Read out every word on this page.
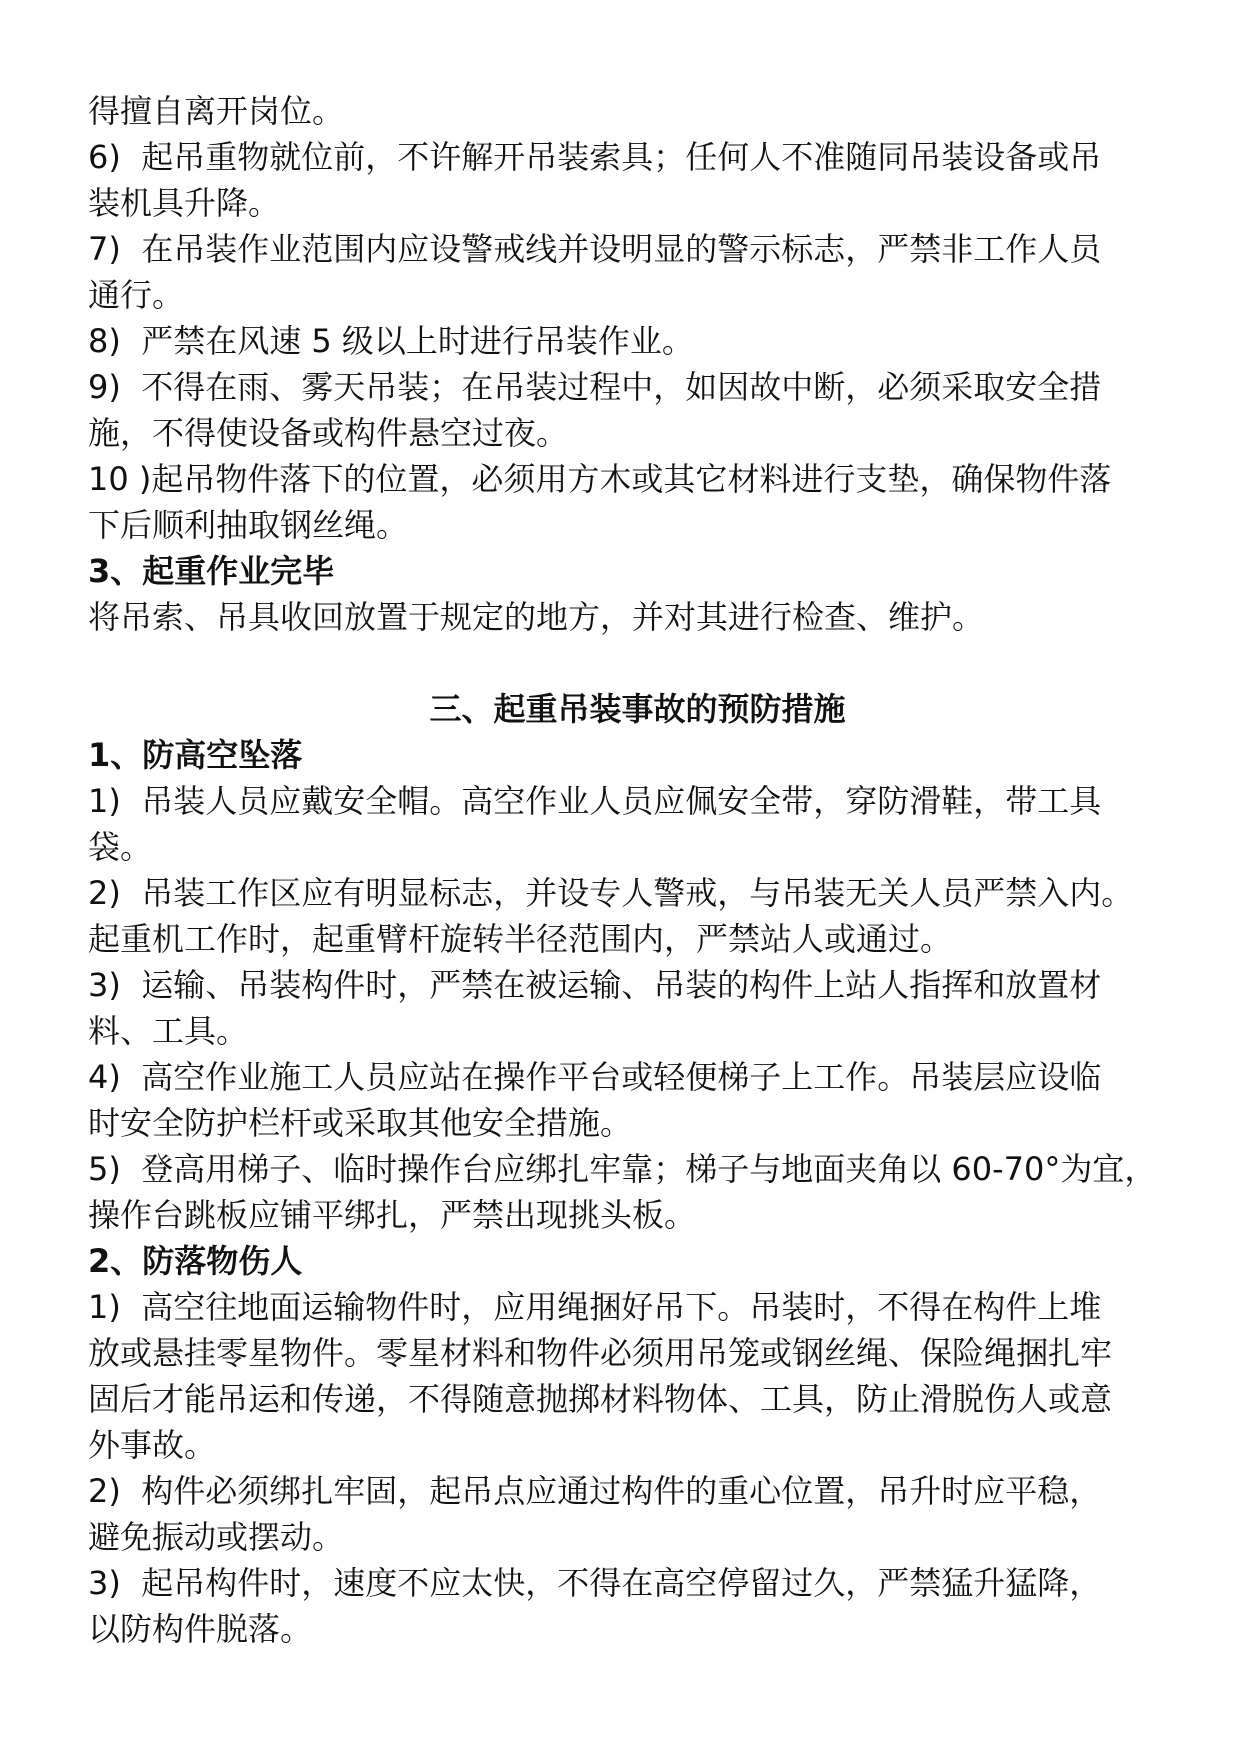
得擅自离开岗位。

6)  起吊重物就位前，不许解开吊装索具；任何人不准随同吊装设备或吊

装机具升降。

7)  在吊装作业范围内应设警戒线并设明显的警示标志，严禁非工作人员

通行。

8)  严禁在风速 5 级以上时进行吊装作业。

9)  不得在雨、雾天吊装；在吊装过程中，如因故中断，必须采取安全措

施，不得使设备或构件悬空过夜。

10 )起吊物件落下的位置，必须用方木或其它材料进行支垫，确保物件落

下后顺利抽取钢丝绳。

3、起重作业完毕

将吊索、吊具收回放置于规定的地方，并对其进行检查、维护。

三、起重吊装事故的预防措施

1、防高空坠落

1)  吊装人员应戴安全帽。高空作业人员应佩安全带，穿防滑鞋，带工具

袋。

2)  吊装工作区应有明显标志，并设专人警戒，与吊装无关人员严禁入内。

起重机工作时，起重臂杆旋转半径范围内，严禁站人或通过。

3)  运输、吊装构件时，严禁在被运输、吊装的构件上站人指挥和放置材

料、工具。

4)  高空作业施工人员应站在操作平台或轻便梯子上工作。吊装层应设临

时安全防护栏杆或采取其他安全措施。

5)  登高用梯子、临时操作台应绑扎牢靠；梯子与地面夹角以 60-70°为宜，

操作台跳板应铺平绑扎，严禁出现挑头板。

2、防落物伤人

1)  高空往地面运输物件时，应用绳捆好吊下。吊装时，不得在构件上堆

放或悬挂零星物件。零星材料和物件必须用吊笼或钢丝绳、保险绳捆扎牢

固后才能吊运和传递，不得随意抛掷材料物体、工具，防止滑脱伤人或意

外事故。

2)  构件必须绑扎牢固，起吊点应通过构件的重心位置，吊升时应平稳，

避免振动或摆动。

3)  起吊构件时，速度不应太快，不得在高空停留过久，严禁猛升猛降，

以防构件脱落。
